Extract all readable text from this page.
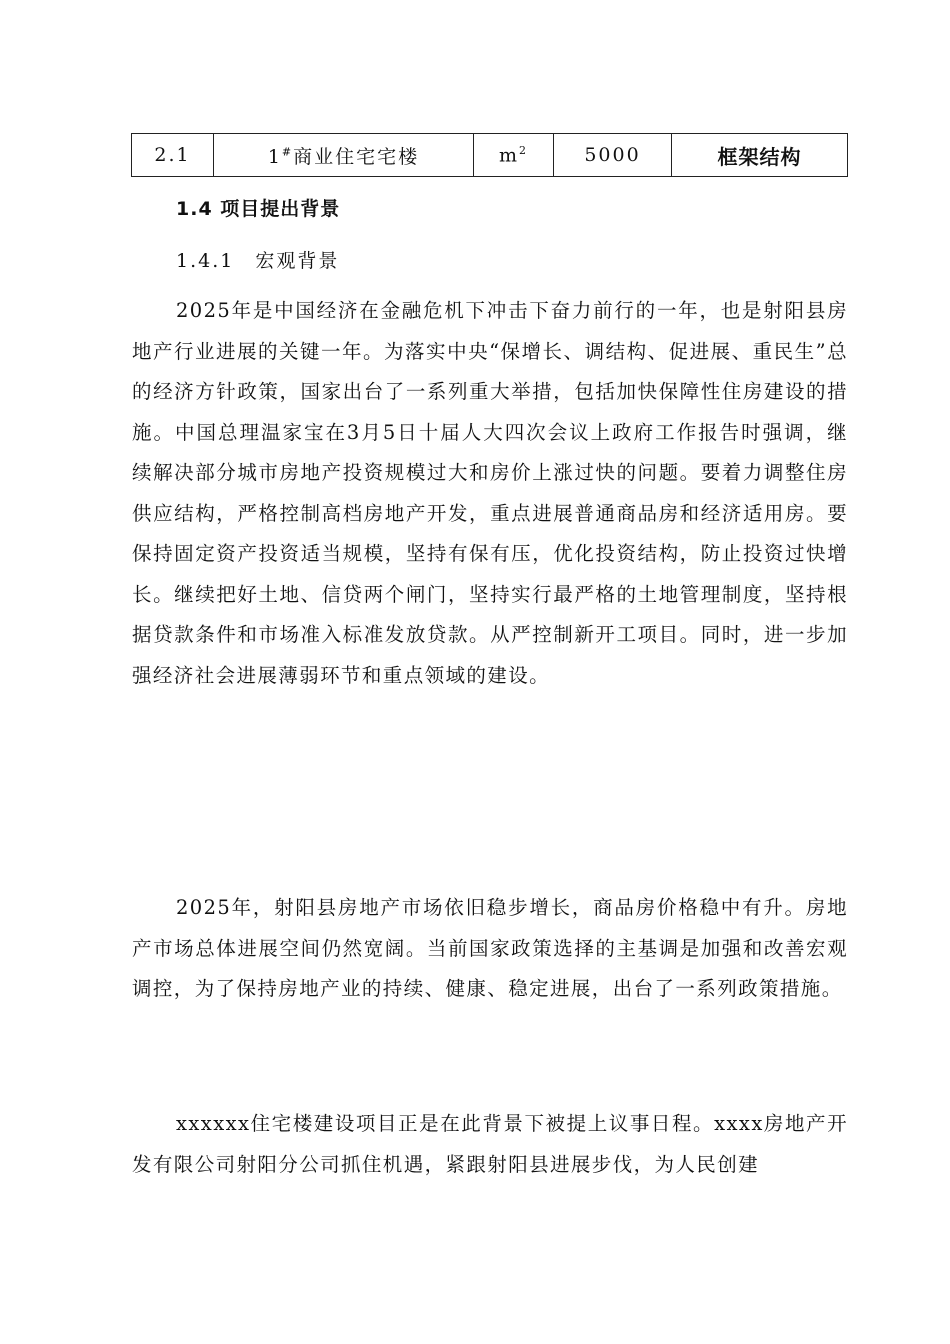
2.1	1#商业住宅宅楼	$m^2$	5000	框架结构
1.4 项目提出背景
1.4.1　宏观背景

2025年是中国经济在金融危机下冲击下奋力前行的一年，也是射阳县房地产行业进展的关键一年。为落实中央“保增长、调结构、促进展、重民生”总的经济方针政策，国家出台了一系列重大举措，包括加快保障性住房建设的措施。中国总理温家宝在3月5日十届人大四次会议上政府工作报告时强调，继续解决部分城市房地产投资规模过大和房价上涨过快的问题。要着力调整住房供应结构，严格控制高档房地产开发，重点进展普通商品房和经济适用房。要保持固定资产投资适当规模，坚持有保有压，优化投资结构，防止投资过快增长。继续把好土地、信贷两个闸门，坚持实行最严格的土地管理制度，坚持根据贷款条件和市场准入标准发放贷款。从严控制新开工项目。同时，进一步加强经济社会进展薄弱环节和重点领域的建设。

2025年，射阳县房地产市场依旧稳步增长，商品房价格稳中有升。房地产市场总体进展空间仍然宽阔。当前国家政策选择的主基调是加强和改善宏观调控，为了保持房地产业的持续、健康、稳定进展，出台了一系列政策措施。

xxxxxx住宅楼建设项目正是在此背景下被提上议事日程。xxxx房地产开发有限公司射阳分公司抓住机遇，紧跟射阳县进展步伐，为人民创建
